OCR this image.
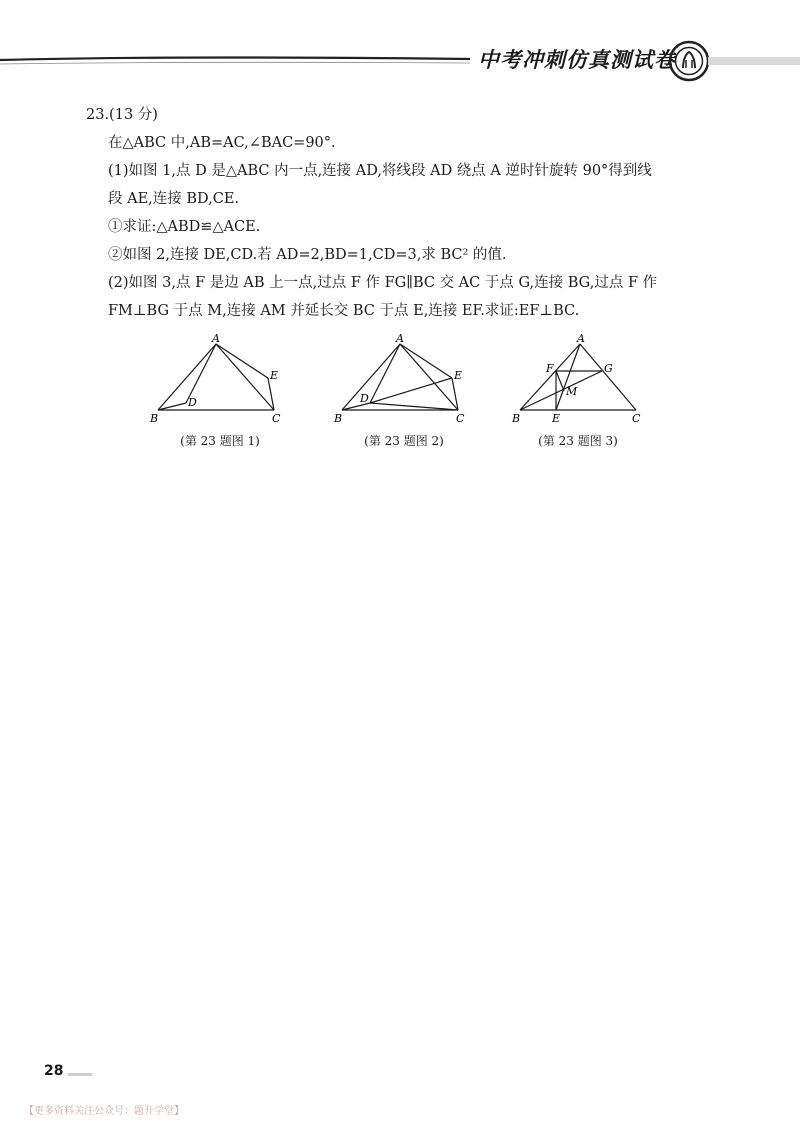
中考冲刺仿真测试卷

23.(13 分)

在△ABC 中,AB=AC,∠BAC=90°.

(1)如图 1,点 D 是△ABC 内一点,连接 AD,将线段 AD 绕点 A 逆时针旋转 90°得到线

段 AE,连接 BD,CE.

①求证:△ABD≌△ACE.

②如图 2,连接 DE,CD.若 AD=2,BD=1,CD=3,求 BC² 的值.

(2)如图 3,点 F 是边 AB 上一点,过点 F 作 FG∥BC 交 AC 于点 G,连接 BG,过点 F 作

FM⊥BG 于点 M,连接 AM 并延长交 BC 于点 E,连接 EF.求证:EF⊥BC.

A
B	C
D
E
(第 23 题图 1)
A
B	C
D
E
(第 23 题图 2)
A
B	C
E
F	G
M
(第 23 题图 3)
28
【更多资料关注公众号：题升学堂】
